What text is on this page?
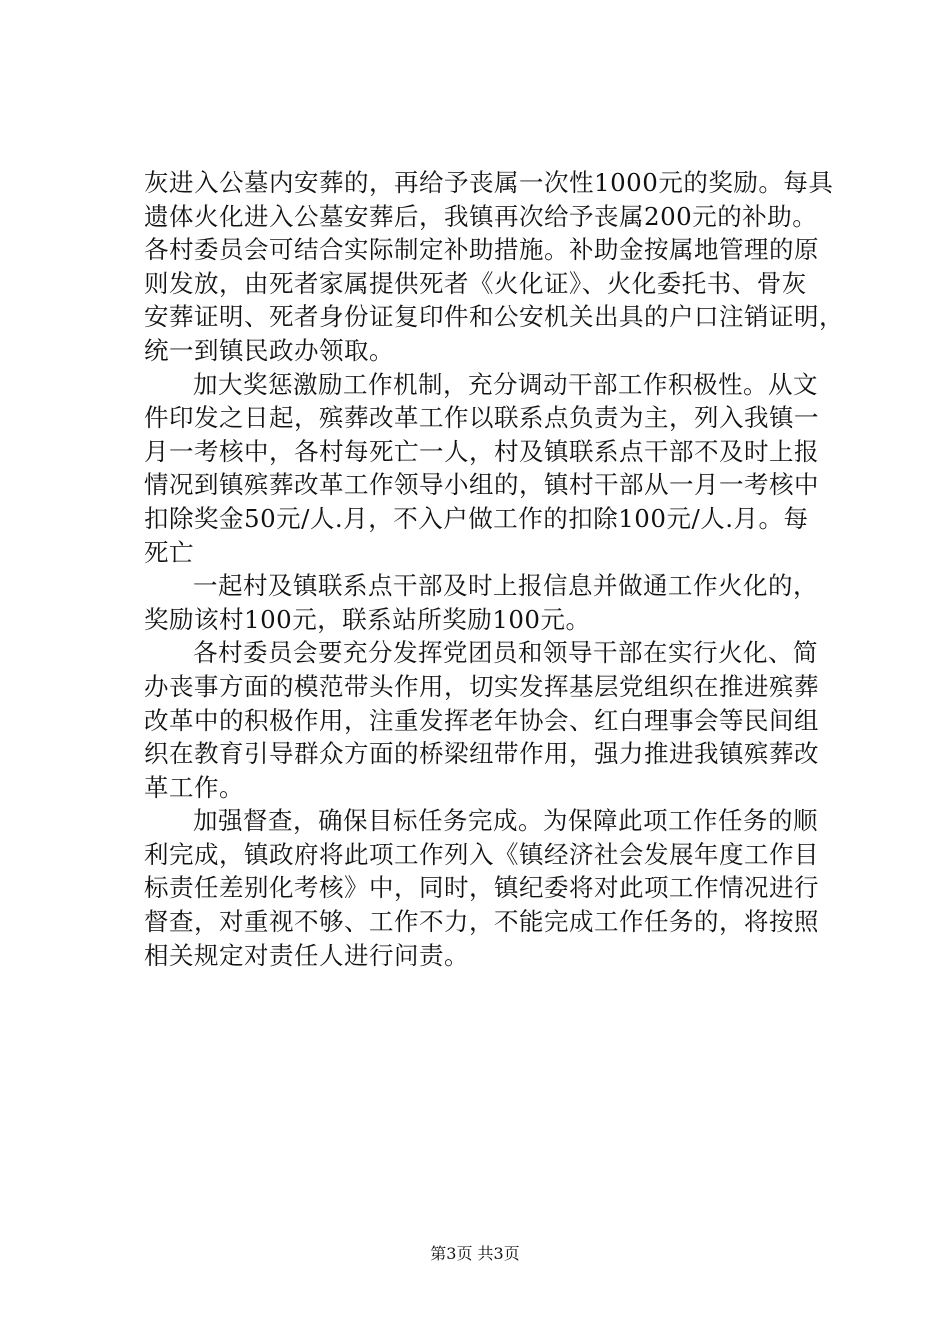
灰进入公墓内安葬的，再给予丧属一次性1000元的奖励。每具
遗体火化进入公墓安葬后，我镇再次给予丧属200元的补助。
各村委员会可结合实际制定补助措施。补助金按属地管理的原
则发放，由死者家属提供死者《火化证》、火化委托书、骨灰
安葬证明、死者身份证复印件和公安机关出具的户口注销证明，
统一到镇民政办领取。
加大奖惩激励工作机制，充分调动干部工作积极性。从文
件印发之日起，殡葬改革工作以联系点负责为主，列入我镇一
月一考核中，各村每死亡一人，村及镇联系点干部不及时上报
情况到镇殡葬改革工作领导小组的，镇村干部从一月一考核中
扣除奖金50元/人.月，不入户做工作的扣除100元/人.月。每
死亡
一起村及镇联系点干部及时上报信息并做通工作火化的，
奖励该村100元，联系站所奖励100元。
各村委员会要充分发挥党团员和领导干部在实行火化、简
办丧事方面的模范带头作用，切实发挥基层党组织在推进殡葬
改革中的积极作用，注重发挥老年协会、红白理事会等民间组
织在教育引导群众方面的桥梁纽带作用，强力推进我镇殡葬改
革工作。
加强督查，确保目标任务完成。为保障此项工作任务的顺
利完成，镇政府将此项工作列入《镇经济社会发展年度工作目
标责任差别化考核》中，同时，镇纪委将对此项工作情况进行
督查，对重视不够、工作不力，不能完成工作任务的，将按照
相关规定对责任人进行问责。
第3页 共3页
